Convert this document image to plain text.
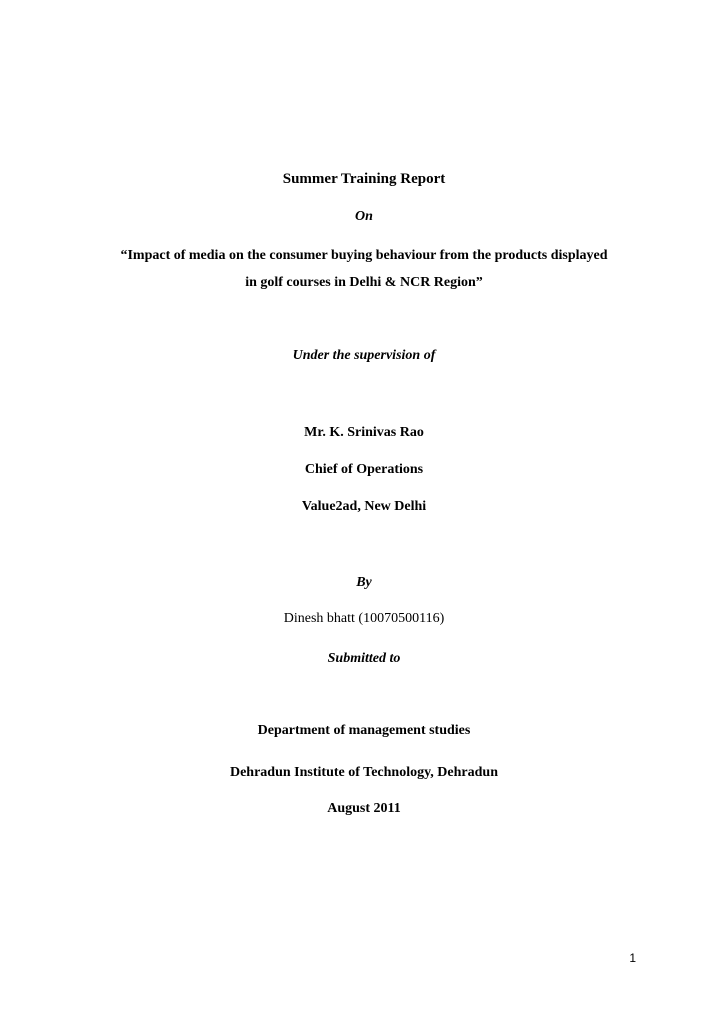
Summer Training Report
On
“Impact of media on the consumer buying behaviour from the products displayed
in golf courses in Delhi & NCR Region”
Under the supervision of
Mr. K. Srinivas Rao
Chief of Operations
Value2ad, New Delhi
By
Dinesh bhatt (10070500116)
Submitted to
Department of management studies
Dehradun Institute of Technology, Dehradun
August 2011
1
